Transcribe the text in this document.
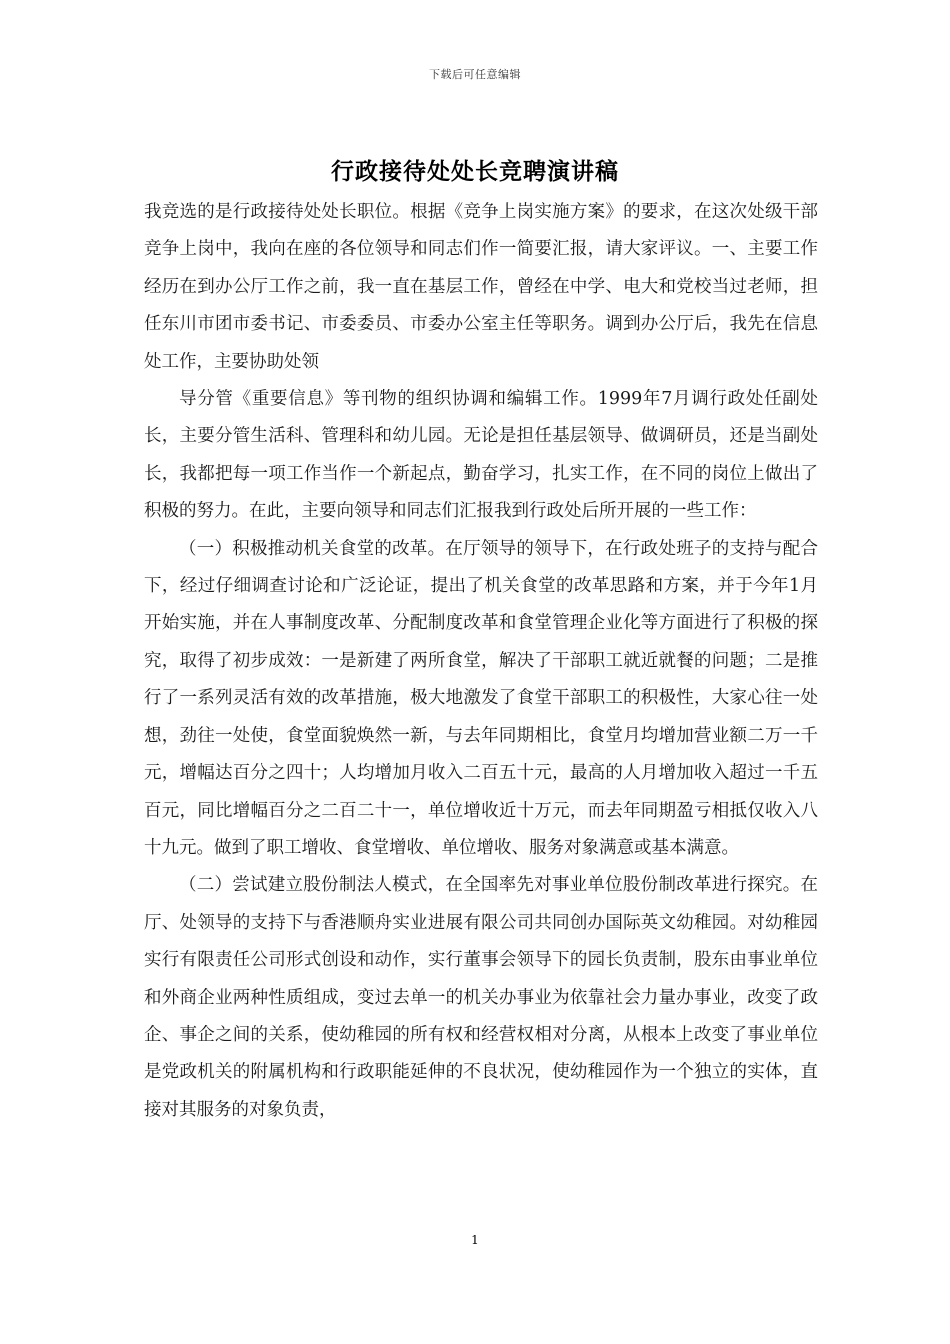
下载后可任意编辑
行政接待处处长竞聘演讲稿

我竞选的是行政接待处处长职位。根据《竞争上岗实施方案》的要求，在这次处级干部竞争上岗中，我向在座的各位领导和同志们作一简要汇报，请大家评议。一、主要工作经历在到办公厅工作之前，我一直在基层工作，曾经在中学、电大和党校当过老师，担任东川市团市委书记、市委委员、市委办公室主任等职务。调到办公厅后，我先在信息处工作，主要协助处领

导分管《重要信息》等刊物的组织协调和编辑工作。1999年7月调行政处任副处长，主要分管生活科、管理科和幼儿园。无论是担任基层领导、做调研员，还是当副处长，我都把每一项工作当作一个新起点，勤奋学习，扎实工作，在不同的岗位上做出了积极的努力。在此，主要向领导和同志们汇报我到行政处后所开展的一些工作：

（一）积极推动机关食堂的改革。在厅领导的领导下，在行政处班子的支持与配合下，经过仔细调查讨论和广泛论证，提出了机关食堂的改革思路和方案，并于今年1月开始实施，并在人事制度改革、分配制度改革和食堂管理企业化等方面进行了积极的探究，取得了初步成效：一是新建了两所食堂，解决了干部职工就近就餐的问题；二是推行了一系列灵活有效的改革措施，极大地激发了食堂干部职工的积极性，大家心往一处想，劲往一处使，食堂面貌焕然一新，与去年同期相比，食堂月均增加营业额二万一千元，增幅达百分之四十；人均增加月收入二百五十元，最高的人月增加收入超过一千五百元，同比增幅百分之二百二十一，单位增收近十万元，而去年同期盈亏相抵仅收入八十九元。做到了职工增收、食堂增收、单位增收、服务对象满意或基本满意。

（二）尝试建立股份制法人模式，在全国率先对事业单位股份制改革进行探究。在厅、处领导的支持下与香港顺舟实业进展有限公司共同创办国际英文幼稚园。对幼稚园实行有限责任公司形式创设和动作，实行董事会领导下的园长负责制，股东由事业单位和外商企业两种性质组成，变过去单一的机关办事业为依靠社会力量办事业，改变了政企、事企之间的关系，使幼稚园的所有权和经营权相对分离，从根本上改变了事业单位是党政机关的附属机构和行政职能延伸的不良状况，使幼稚园作为一个独立的实体，直接对其服务的对象负责，

1
